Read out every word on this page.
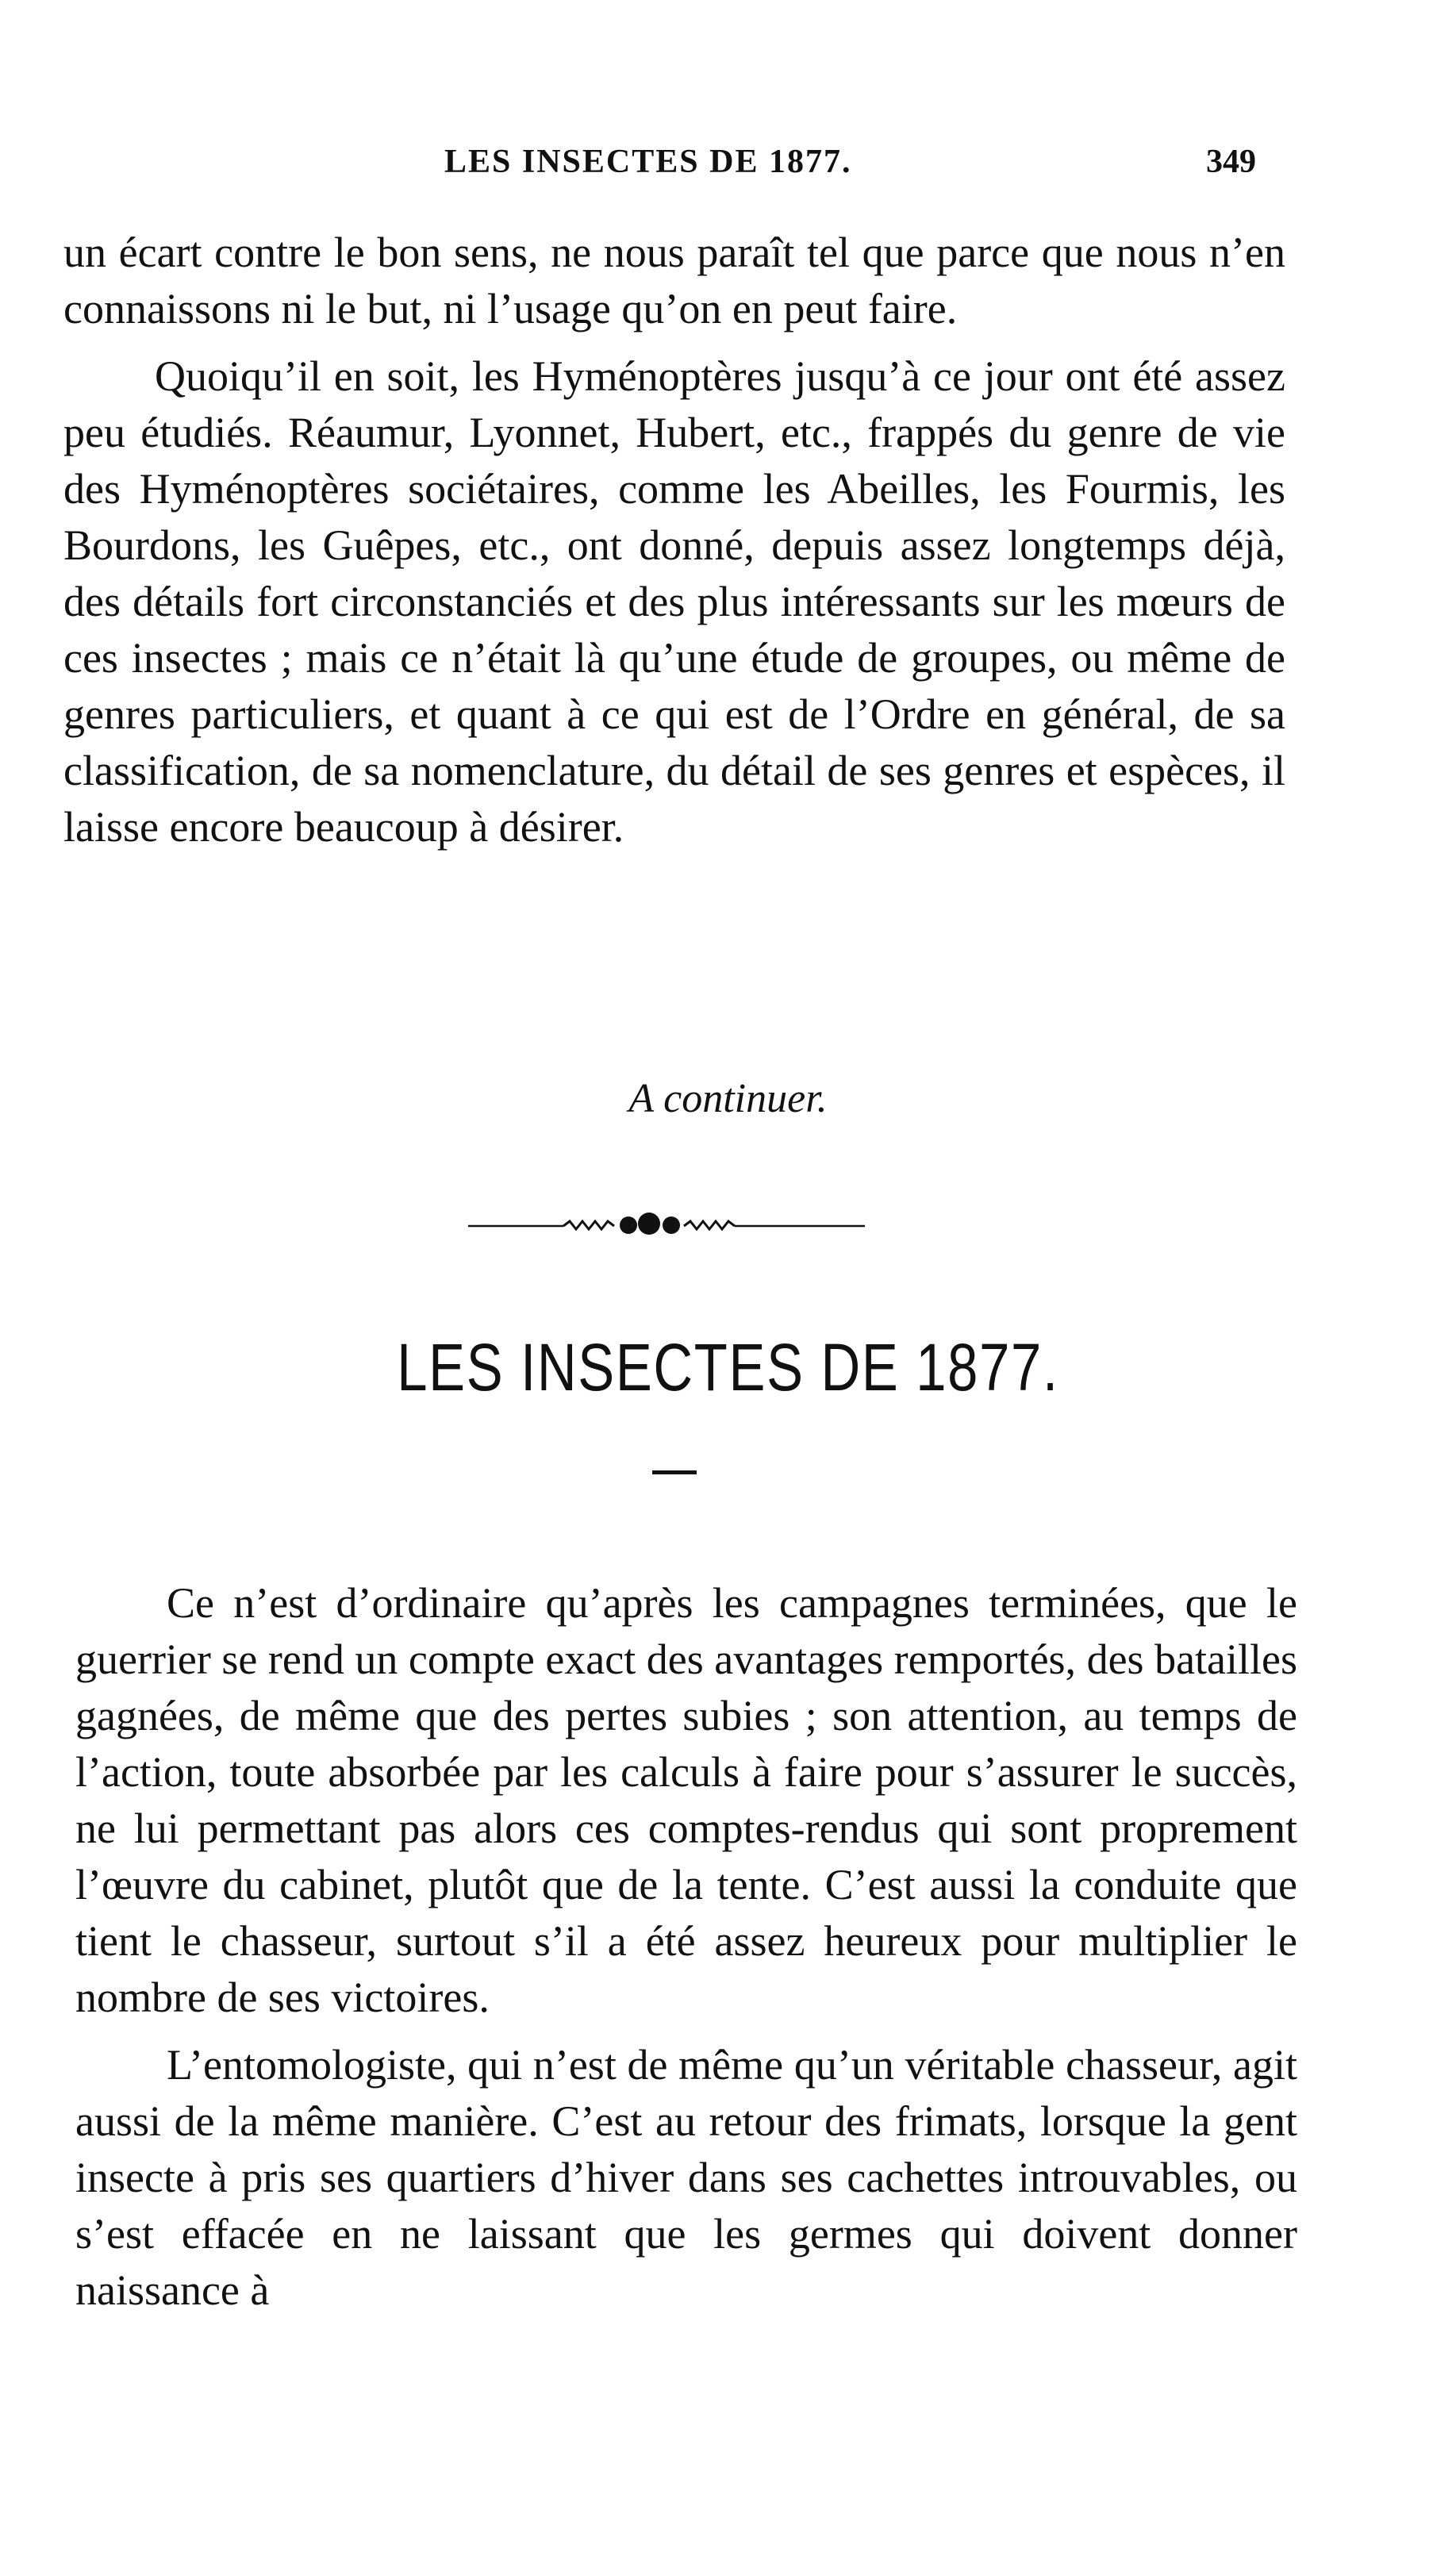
LES INSECTES DE 1877.	349

un écart contre le bon sens, ne nous paraît tel que parce que nous n’en connaissons ni le but, ni l’usage qu’on en peut faire.

Quoiqu’il en soit, les Hyménoptères jusqu’à ce jour ont été assez peu étudiés. Réaumur, Lyonnet, Hubert, etc., frappés du genre de vie des Hyménoptères sociétaires, comme les Abeilles, les Fourmis, les Bourdons, les Guêpes, etc., ont donné, depuis assez longtemps déjà, des détails fort circonstanciés et des plus intéressants sur les mœurs de ces insectes ; mais ce n’était là qu’une étude de groupes, ou même de genres particuliers, et quant à ce qui est de l’Ordre en général, de sa classification, de sa nomenclature, du détail de ses genres et espèces, il laisse encore beaucoup à désirer.

A continuer.
LES INSECTES DE 1877.

Ce n’est d’ordinaire qu’après les campagnes terminées, que le guerrier se rend un compte exact des avantages remportés, des batailles gagnées, de même que des pertes subies ; son attention, au temps de l’action, toute absorbée par les calculs à faire pour s’assurer le succès, ne lui permettant pas alors ces comptes-rendus qui sont proprement l’œuvre du cabinet, plutôt que de la tente. C’est aussi la conduite que tient le chasseur, surtout s’il a été assez heureux pour multiplier le nombre de ses victoires.

L’entomologiste, qui n’est de même qu’un véritable chasseur, agit aussi de la même manière. C’est au retour des frimats, lorsque la gent insecte à pris ses quartiers d’hiver dans ses cachettes introuvables, ou s’est effacée en ne laissant que les germes qui doivent donner naissance à
